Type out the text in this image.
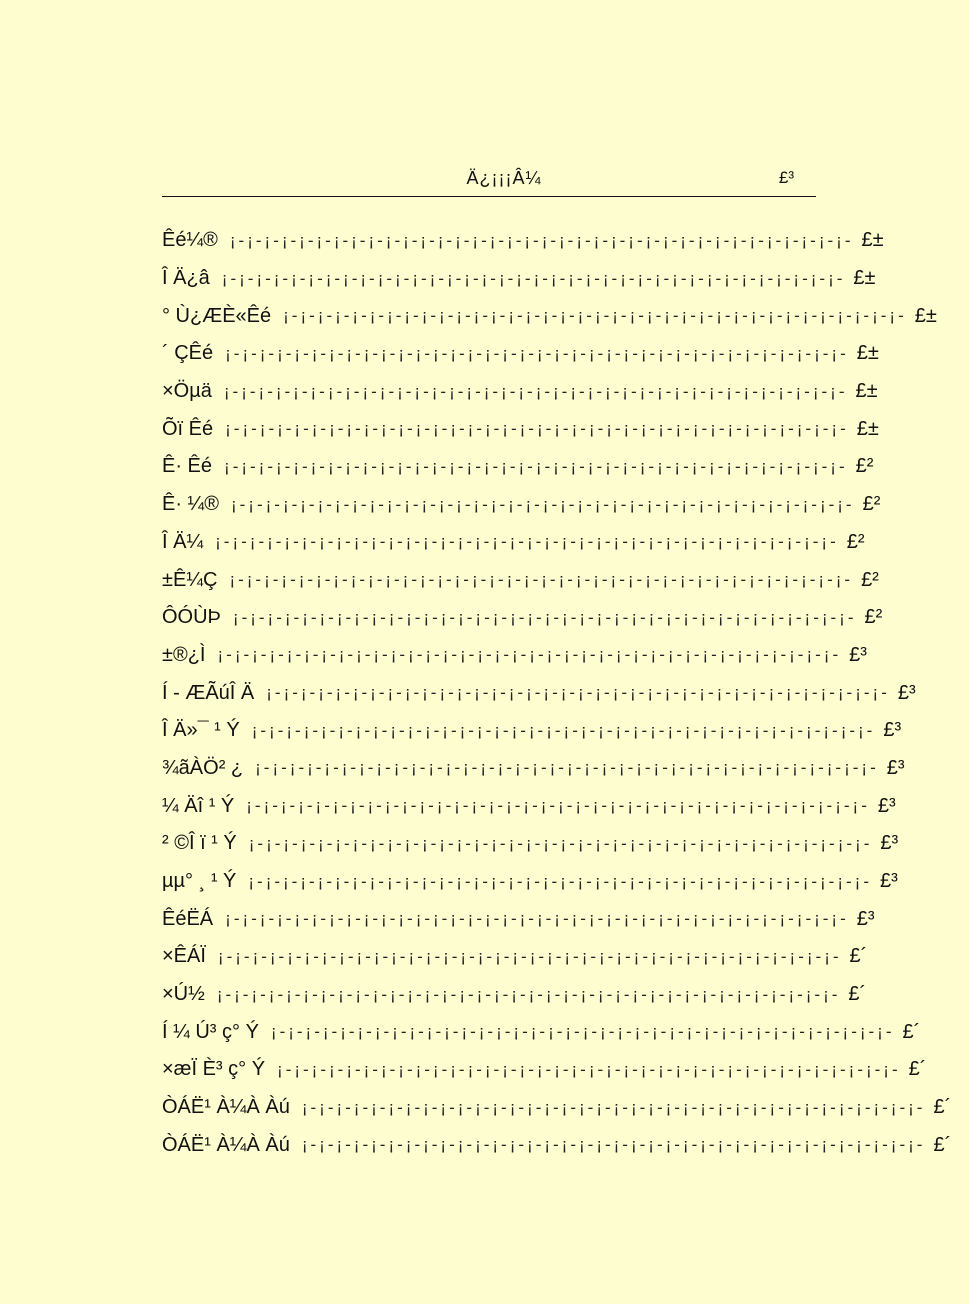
Ä¿¡¡¡Â¼	£³
Êé¼® ¡-¡-¡-¡-¡-¡-¡-¡-¡-¡-¡-¡-¡-¡-¡-¡-¡-¡-¡-¡-¡-¡-¡-¡-¡-¡-¡-¡-¡-¡-¡-¡-¡-¡-¡-¡- £±
Î Ä¿â ¡-¡-¡-¡-¡-¡-¡-¡-¡-¡-¡-¡-¡-¡-¡-¡-¡-¡-¡-¡-¡-¡-¡-¡-¡-¡-¡-¡-¡-¡-¡-¡-¡-¡-¡-¡- £±
° Ù¿ÆÈ«Êé ¡-¡-¡-¡-¡-¡-¡-¡-¡-¡-¡-¡-¡-¡-¡-¡-¡-¡-¡-¡-¡-¡-¡-¡-¡-¡-¡-¡-¡-¡-¡-¡-¡-¡-¡-¡- £±
´ ÇÊé ¡-¡-¡-¡-¡-¡-¡-¡-¡-¡-¡-¡-¡-¡-¡-¡-¡-¡-¡-¡-¡-¡-¡-¡-¡-¡-¡-¡-¡-¡-¡-¡-¡-¡-¡-¡- £±
×Öµä ¡-¡-¡-¡-¡-¡-¡-¡-¡-¡-¡-¡-¡-¡-¡-¡-¡-¡-¡-¡-¡-¡-¡-¡-¡-¡-¡-¡-¡-¡-¡-¡-¡-¡-¡-¡- £±
Õï Êé ¡-¡-¡-¡-¡-¡-¡-¡-¡-¡-¡-¡-¡-¡-¡-¡-¡-¡-¡-¡-¡-¡-¡-¡-¡-¡-¡-¡-¡-¡-¡-¡-¡-¡-¡-¡- £±
Ê· Êé ¡-¡-¡-¡-¡-¡-¡-¡-¡-¡-¡-¡-¡-¡-¡-¡-¡-¡-¡-¡-¡-¡-¡-¡-¡-¡-¡-¡-¡-¡-¡-¡-¡-¡-¡-¡- £²
Ê· ¼® ¡-¡-¡-¡-¡-¡-¡-¡-¡-¡-¡-¡-¡-¡-¡-¡-¡-¡-¡-¡-¡-¡-¡-¡-¡-¡-¡-¡-¡-¡-¡-¡-¡-¡-¡-¡- £²
Î Ä¼ ¡-¡-¡-¡-¡-¡-¡-¡-¡-¡-¡-¡-¡-¡-¡-¡-¡-¡-¡-¡-¡-¡-¡-¡-¡-¡-¡-¡-¡-¡-¡-¡-¡-¡-¡-¡- £²
±Ê¼Ç ¡-¡-¡-¡-¡-¡-¡-¡-¡-¡-¡-¡-¡-¡-¡-¡-¡-¡-¡-¡-¡-¡-¡-¡-¡-¡-¡-¡-¡-¡-¡-¡-¡-¡-¡-¡- £²
ÔÓÙÞ ¡-¡-¡-¡-¡-¡-¡-¡-¡-¡-¡-¡-¡-¡-¡-¡-¡-¡-¡-¡-¡-¡-¡-¡-¡-¡-¡-¡-¡-¡-¡-¡-¡-¡-¡-¡- £²
±®¿Ì ¡-¡-¡-¡-¡-¡-¡-¡-¡-¡-¡-¡-¡-¡-¡-¡-¡-¡-¡-¡-¡-¡-¡-¡-¡-¡-¡-¡-¡-¡-¡-¡-¡-¡-¡-¡- £³
Í - ÆÃúÎ Ä ¡-¡-¡-¡-¡-¡-¡-¡-¡-¡-¡-¡-¡-¡-¡-¡-¡-¡-¡-¡-¡-¡-¡-¡-¡-¡-¡-¡-¡-¡-¡-¡-¡-¡-¡-¡- £³
Î Ä»¯ ¹ Ý ¡-¡-¡-¡-¡-¡-¡-¡-¡-¡-¡-¡-¡-¡-¡-¡-¡-¡-¡-¡-¡-¡-¡-¡-¡-¡-¡-¡-¡-¡-¡-¡-¡-¡-¡-¡- £³
¾ãÀÖ² ¿ ¡-¡-¡-¡-¡-¡-¡-¡-¡-¡-¡-¡-¡-¡-¡-¡-¡-¡-¡-¡-¡-¡-¡-¡-¡-¡-¡-¡-¡-¡-¡-¡-¡-¡-¡-¡- £³
¼ Äî ¹ Ý ¡-¡-¡-¡-¡-¡-¡-¡-¡-¡-¡-¡-¡-¡-¡-¡-¡-¡-¡-¡-¡-¡-¡-¡-¡-¡-¡-¡-¡-¡-¡-¡-¡-¡-¡-¡- £³
² ©Î ï ¹ Ý ¡-¡-¡-¡-¡-¡-¡-¡-¡-¡-¡-¡-¡-¡-¡-¡-¡-¡-¡-¡-¡-¡-¡-¡-¡-¡-¡-¡-¡-¡-¡-¡-¡-¡-¡-¡- £³
µµ° ¸ ¹ Ý ¡-¡-¡-¡-¡-¡-¡-¡-¡-¡-¡-¡-¡-¡-¡-¡-¡-¡-¡-¡-¡-¡-¡-¡-¡-¡-¡-¡-¡-¡-¡-¡-¡-¡-¡-¡- £³
ÊéËÁ ¡-¡-¡-¡-¡-¡-¡-¡-¡-¡-¡-¡-¡-¡-¡-¡-¡-¡-¡-¡-¡-¡-¡-¡-¡-¡-¡-¡-¡-¡-¡-¡-¡-¡-¡-¡- £³
×ÊÁÏ ¡-¡-¡-¡-¡-¡-¡-¡-¡-¡-¡-¡-¡-¡-¡-¡-¡-¡-¡-¡-¡-¡-¡-¡-¡-¡-¡-¡-¡-¡-¡-¡-¡-¡-¡-¡- £´
×Ú½ ¡-¡-¡-¡-¡-¡-¡-¡-¡-¡-¡-¡-¡-¡-¡-¡-¡-¡-¡-¡-¡-¡-¡-¡-¡-¡-¡-¡-¡-¡-¡-¡-¡-¡-¡-¡- £´
Í ¼ Ú³ ç° Ý ¡-¡-¡-¡-¡-¡-¡-¡-¡-¡-¡-¡-¡-¡-¡-¡-¡-¡-¡-¡-¡-¡-¡-¡-¡-¡-¡-¡-¡-¡-¡-¡-¡-¡-¡-¡- £´
×æÏ È³ ç° Ý ¡-¡-¡-¡-¡-¡-¡-¡-¡-¡-¡-¡-¡-¡-¡-¡-¡-¡-¡-¡-¡-¡-¡-¡-¡-¡-¡-¡-¡-¡-¡-¡-¡-¡-¡-¡- £´
ÒÁË¹ À¼À Àú ¡-¡-¡-¡-¡-¡-¡-¡-¡-¡-¡-¡-¡-¡-¡-¡-¡-¡-¡-¡-¡-¡-¡-¡-¡-¡-¡-¡-¡-¡-¡-¡-¡-¡-¡-¡- £´
ÒÁË¹ À¼À Àú ¡-¡-¡-¡-¡-¡-¡-¡-¡-¡-¡-¡-¡-¡-¡-¡-¡-¡-¡-¡-¡-¡-¡-¡-¡-¡-¡-¡-¡-¡-¡-¡-¡-¡-¡-¡- £´
